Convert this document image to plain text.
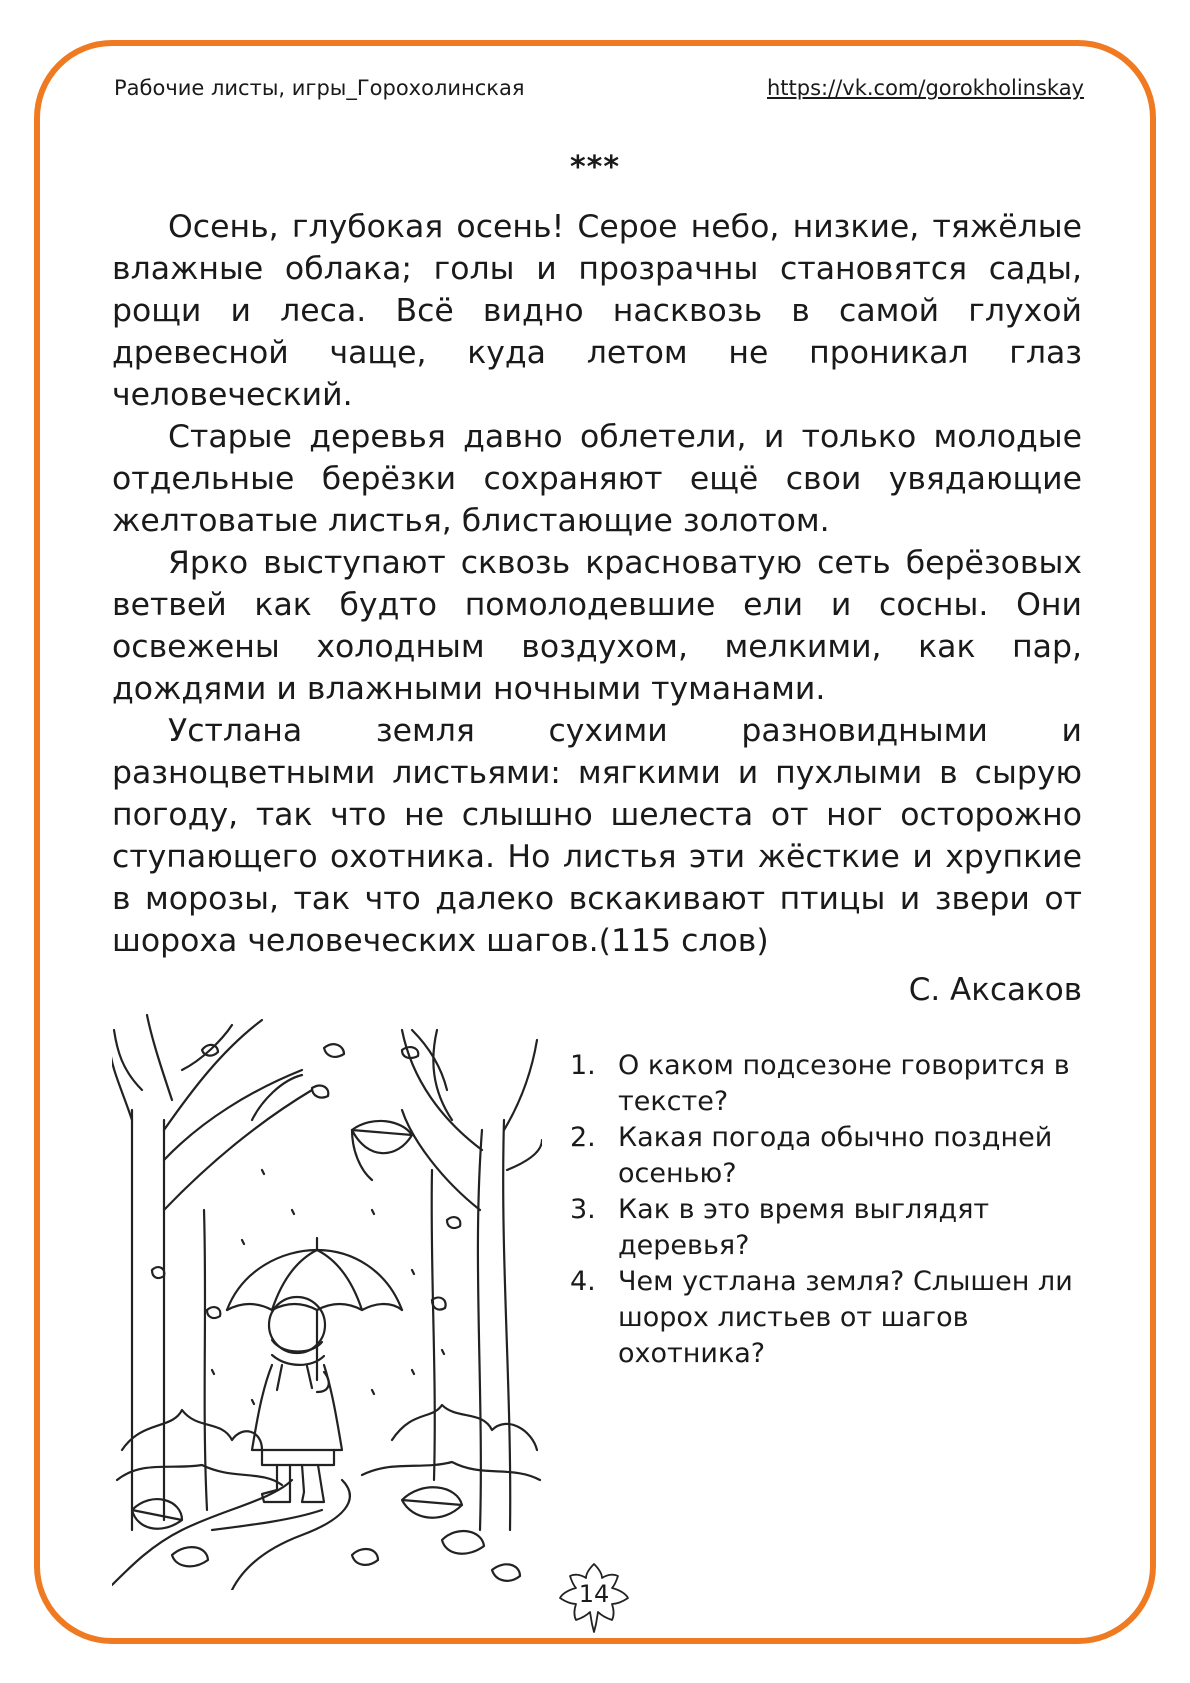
Рабочие листы, игры_Горохолинская	https://vk.com/gorokholinskay
***

Осень, глубокая осень! Серое небо, низкие, тяжёлые влажные облака; голы и прозрачны становятся сады, рощи и леса. Всё видно насквозь в самой глухой древесной чаще, куда летом не проникал глаз человеческий.

Старые деревья давно облетели, и только молодые отдельные берёзки сохраняют ещё свои увядающие желтоватые листья, блистающие золотом.

Ярко выступают сквозь красноватую сеть берёзовых ветвей как будто помолодевшие ели и сосны. Они освежены холодным воздухом, мелкими, как пар, дождями и влажными ночными туманами.

Устлана земля сухими разновидными и разноцветными листьями: мягкими и пухлыми в сырую погоду, так что не слышно шелеста от ног осторожно ступающего охотника. Но листья эти жёсткие и хрупкие в морозы, так что далеко вскакивают птицы и звери от шороха человеческих шагов.(115 слов)

С. Аксаков
1. О каком подсезоне говорится в тексте?
2. Какая погода обычно поздней осенью?
3. Как в это время выглядят деревья?
4. Чем устлана земля? Слышен ли шорох листьев от шагов охотника?
14
